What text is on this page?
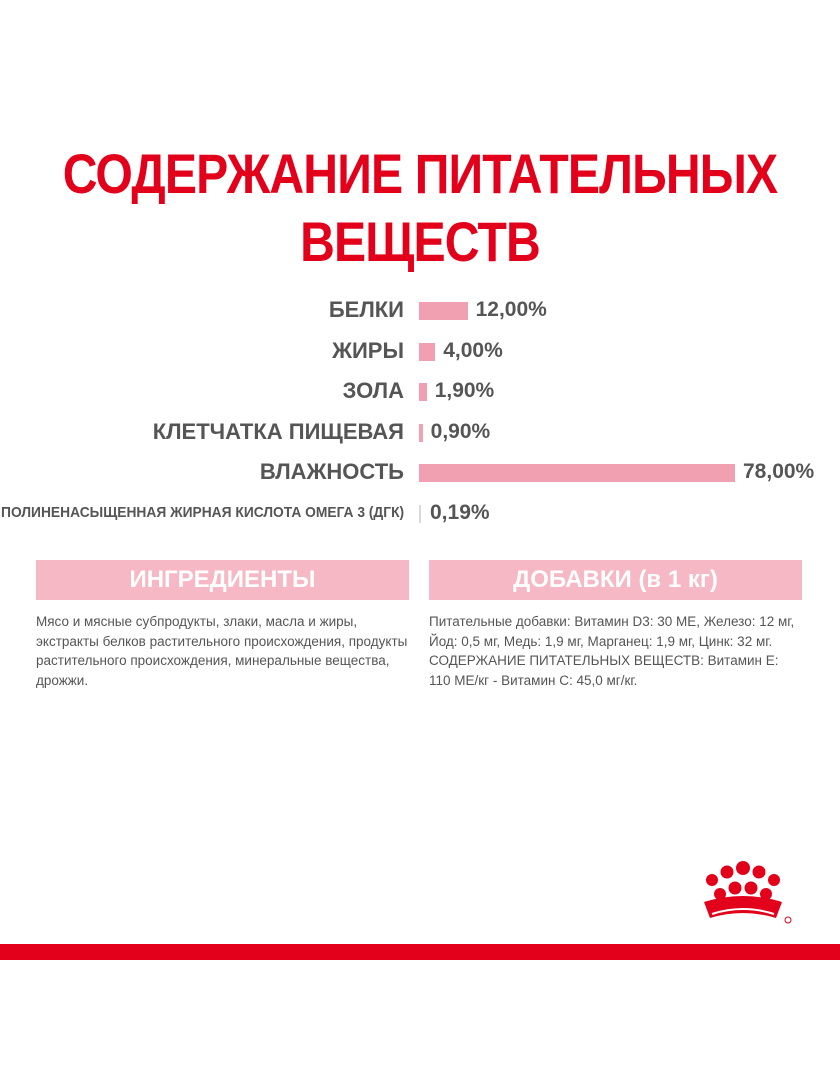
СОДЕРЖАНИЕ ПИТАТЕЛЬНЫХ
ВЕЩЕСТВ
БЕЛКИ	12,00%
ЖИРЫ 4,00%
ЗОЛА 1,90%
КЛЕТЧАТКА ПИЩЕВАЯ 0,90%
ВЛАЖНОСТЬ	78,00%
ПОЛИНЕНАСЫЩЕННАЯ ЖИРНАЯ КИСЛОТА ОМЕГА 3 (ДГК) 0,19%
ИНГРЕДИЕНТЫ	ДОБАВКИ (в 1 кг)
Мясо и мясные субпродукты, злаки, масла и жиры, экстракты белков растительного происхождения, продукты растительного происхождения, минеральные вещества, дрожжи.
Питательные добавки: Витамин D3: 30 МЕ, Железо: 12 мг, Йод: 0,5 мг, Медь: 1,9 мг, Марганец: 1,9 мг, Цинк: 32 мг. СОДЕРЖАНИЕ ПИТАТЕЛЬНЫХ ВЕЩЕСТВ: Витамин Е: 110 МЕ/кг - Витамин С: 45,0 мг/кг.
